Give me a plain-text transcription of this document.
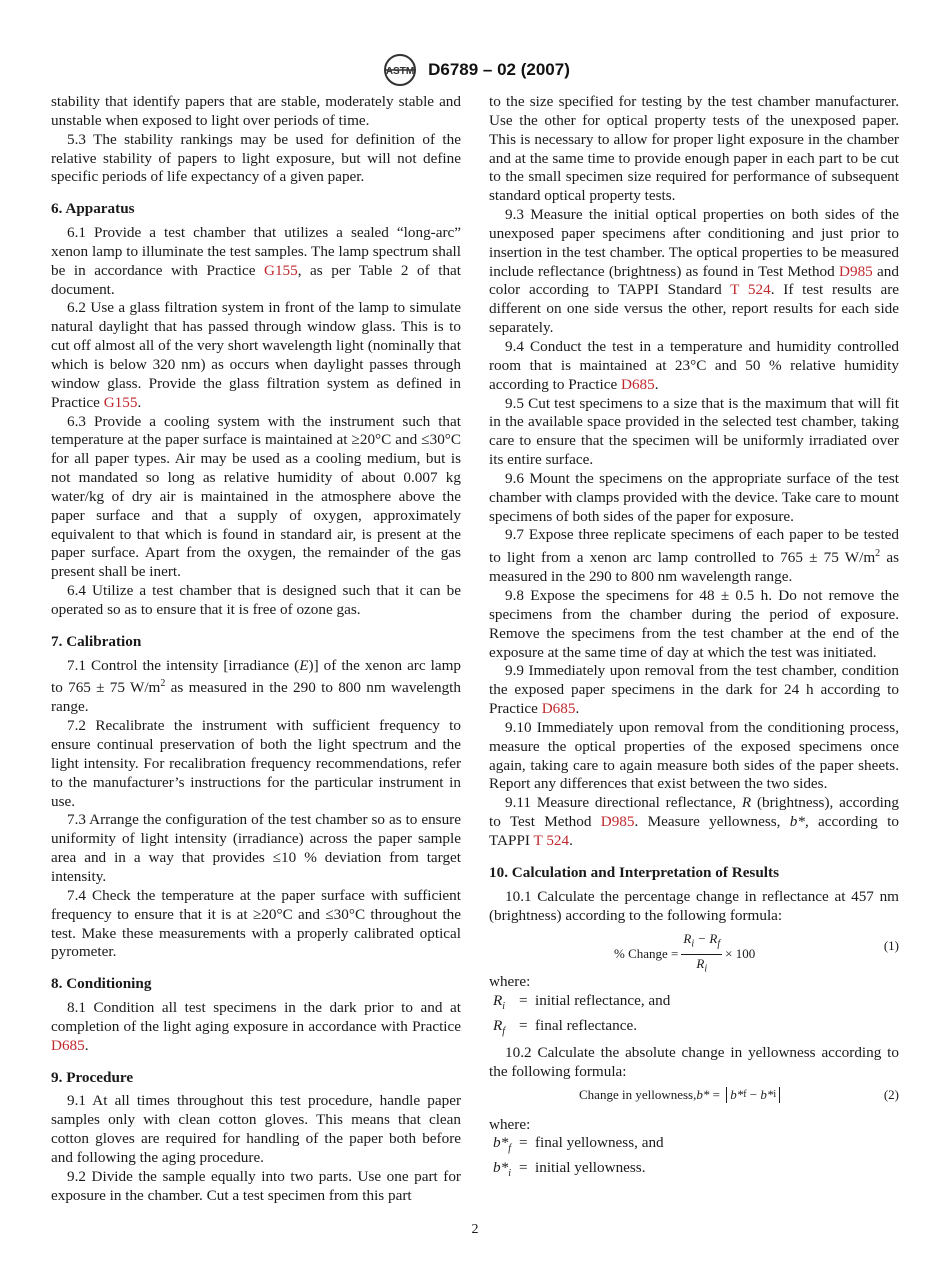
ASTM D6789 – 02 (2007)

stability that identify papers that are stable, moderately stable and unstable when exposed to light over periods of time.

5.3 The stability rankings may be used for definition of the relative stability of papers to light exposure, but will not define specific periods of life expectancy of a given paper.

6. Apparatus

6.1 Provide a test chamber that utilizes a sealed “long-arc” xenon lamp to illuminate the test samples. The lamp spectrum shall be in accordance with Practice G155, as per Table 2 of that document.

6.2 Use a glass filtration system in front of the lamp to simulate natural daylight that has passed through window glass. This is to cut off almost all of the very short wavelength light (nominally that which is below 320 nm) as occurs when daylight passes through window glass. Provide the glass filtration system as defined in Practice G155.

6.3 Provide a cooling system with the instrument such that temperature at the paper surface is maintained at ≥20°C and ≤30°C for all paper types. Air may be used as a cooling medium, but is not mandated so long as relative humidity of about 0.007 kg water/kg of dry air is maintained in the atmosphere above the paper surface and that a supply of oxygen, approximately equivalent to that which is found in standard air, is present at the paper surface. Apart from the oxygen, the remainder of the gas present shall be inert.

6.4 Utilize a test chamber that is designed such that it can be operated so as to ensure that it is free of ozone gas.

7. Calibration

7.1 Control the intensity [irradiance (E)] of the xenon arc lamp to 765 ± 75 $W/m^2$ as measured in the 290 to 800 nm wavelength range.

7.2 Recalibrate the instrument with sufficient frequency to ensure continual preservation of both the light spectrum and the light intensity. For recalibration frequency recommendations, refer to the manufacturer’s instructions for the particular instrument in use.

7.3 Arrange the configuration of the test chamber so as to ensure uniformity of light intensity (irradiance) across the paper sample area and in a way that provides ≤10 % deviation from target intensity.

7.4 Check the temperature at the paper surface with sufficient frequency to ensure that it is at ≥20°C and ≤30°C throughout the test. Make these measurements with a properly calibrated optical pyrometer.

8. Conditioning

8.1 Condition all test specimens in the dark prior to and at completion of the light aging exposure in accordance with Practice D685.

9. Procedure

9.1 At all times throughout this test procedure, handle paper samples only with clean cotton gloves. This means that clean cotton gloves are required for handling of the paper both before and following the aging procedure.

9.2 Divide the sample equally into two parts. Use one part for exposure in the chamber. Cut a test specimen from this part

to the size specified for testing by the test chamber manufacturer. Use the other for optical property tests of the unexposed paper. This is necessary to allow for proper light exposure in the chamber and at the same time to provide enough paper in each part to be cut to the small specimen size required for performance of subsequent standard optical property tests.

9.3 Measure the initial optical properties on both sides of the unexposed paper specimens after conditioning and just prior to insertion in the test chamber. The optical properties to be measured include reflectance (brightness) as found in Test Method D985 and color according to TAPPI Standard T 524. If test results are different on one side versus the other, report results for each side separately.

9.4 Conduct the test in a temperature and humidity controlled room that is maintained at 23°C and 50 % relative humidity according to Practice D685.

9.5 Cut test specimens to a size that is the maximum that will fit in the available space provided in the selected test chamber, taking care to ensure that the specimen will be uniformly irradiated over its entire surface.

9.6 Mount the specimens on the appropriate surface of the test chamber with clamps provided with the device. Take care to mount specimens of both sides of the paper for exposure.

9.7 Expose three replicate specimens of each paper to be tested to light from a xenon arc lamp controlled to 765 ± 75 $W/m^2$ as measured in the 290 to 800 nm wavelength range.

9.8 Expose the specimens for 48 ± 0.5 h. Do not remove the specimens from the chamber during the period of exposure. Remove the specimens from the test chamber at the end of the exposure at the same time of day at which the test was initiated.

9.9 Immediately upon removal from the test chamber, condition the exposed paper specimens in the dark for 24 h according to Practice D685.

9.10 Immediately upon removal from the conditioning process, measure the optical properties of the exposed specimens once again, taking care to again measure both sides of the paper sheets. Report any differences that exist between the two sides.

9.11 Measure directional reflectance, R (brightness), according to Test Method D985. Measure yellowness, b*, according to TAPPI T 524.

10. Calculation and Interpretation of Results

10.1 Calculate the percentage change in reflectance at 457 nm (brightness) according to the following formula:

% Change = $\frac{R_i - R_f}{R_i} \times 100$
(1)
where:
$R_i$ = initial reflectance, and
$R_f$ = final reflectance.

10.2 Calculate the absolute change in yellowness according to the following formula:

Change in yellowness, b* = b* f − b* i	(2)
where:
$b*_f$ = final yellowness, and
$b*_i$ = initial yellowness.
2
